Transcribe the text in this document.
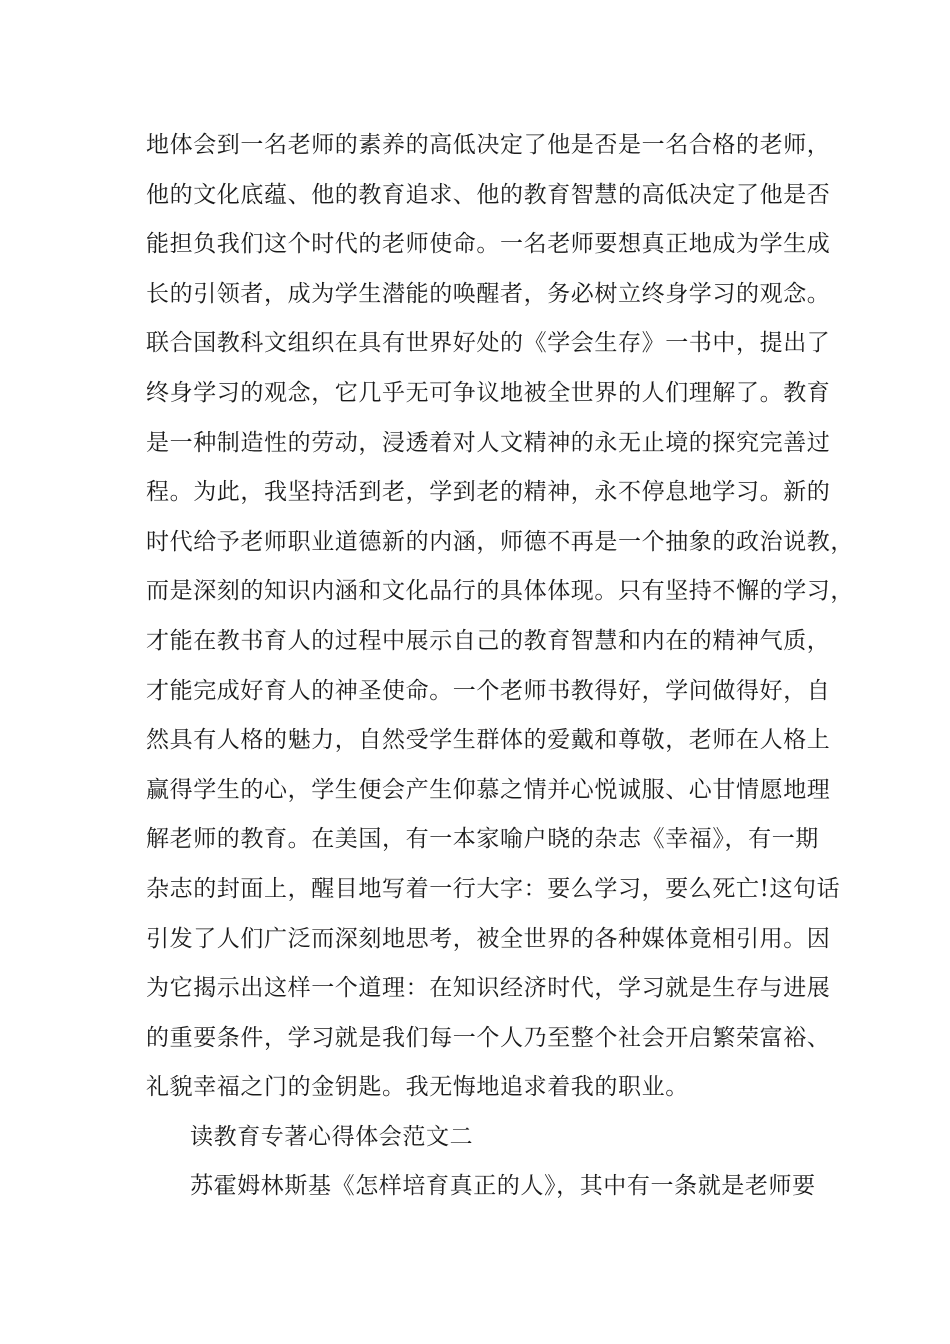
地体会到一名老师的素养的高低决定了他是否是一名合格的老师，
他的文化底蕴、他的教育追求、他的教育智慧的高低决定了他是否
能担负我们这个时代的老师使命。一名老师要想真正地成为学生成
长的引领者，成为学生潜能的唤醒者，务必树立终身学习的观念。
联合国教科文组织在具有世界好处的《学会生存》一书中，提出了
终身学习的观念，它几乎无可争议地被全世界的人们理解了。教育
是一种制造性的劳动，浸透着对人文精神的永无止境的探究完善过
程。为此，我坚持活到老，学到老的精神，永不停息地学习。新的
时代给予老师职业道德新的内涵，师德不再是一个抽象的政治说教，
而是深刻的知识内涵和文化品行的具体体现。只有坚持不懈的学习，
才能在教书育人的过程中展示自己的教育智慧和内在的精神气质，
才能完成好育人的神圣使命。一个老师书教得好，学问做得好，自
然具有人格的魅力，自然受学生群体的爱戴和尊敬，老师在人格上
赢得学生的心，学生便会产生仰慕之情并心悦诚服、心甘情愿地理
解老师的教育。在美国，有一本家喻户晓的杂志《幸福》，有一期
杂志的封面上，醒目地写着一行大字：要么学习，要么死亡!这句话
引发了人们广泛而深刻地思考，被全世界的各种媒体竟相引用。因
为它揭示出这样一个道理：在知识经济时代，学习就是生存与进展
的重要条件，学习就是我们每一个人乃至整个社会开启繁荣富裕、
礼貌幸福之门的金钥匙。我无悔地追求着我的职业。
读教育专著心得体会范文二
苏霍姆林斯基《怎样培育真正的人》，其中有一条就是老师要
